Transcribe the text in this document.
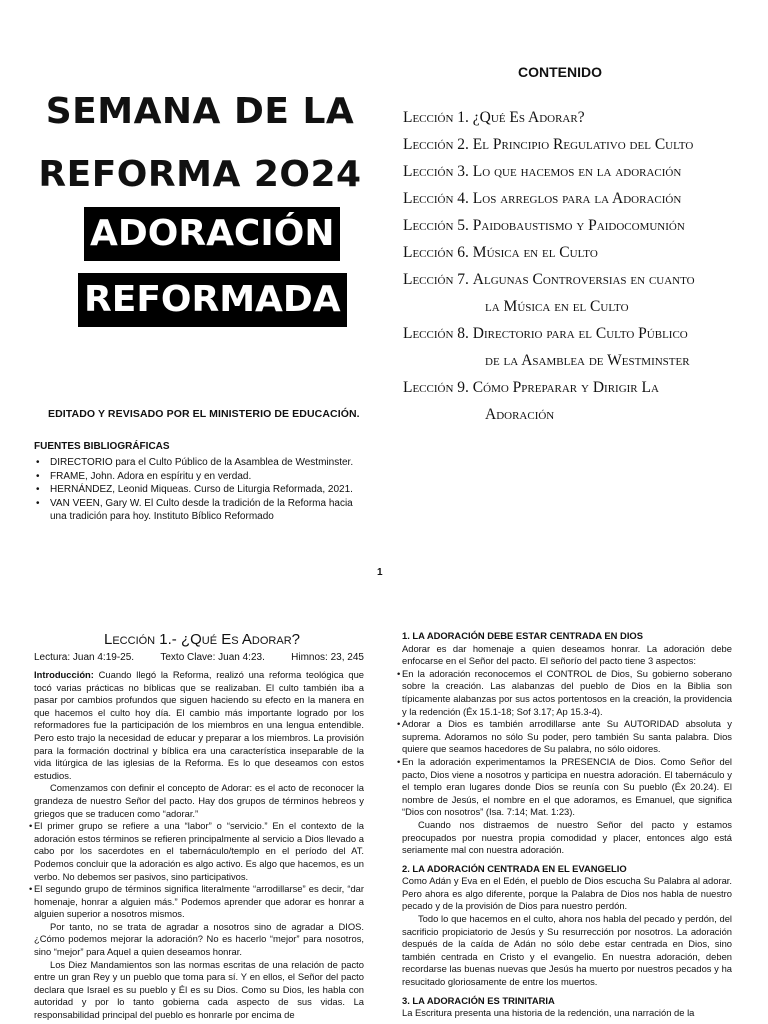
SEMANA DE LA
REFORMA 2O24
ADORACIÓN
REFORMADA
EDITADO Y REVISADO POR EL MINISTERIO DE EDUCACIÓN.
FUENTES BIBLIOGRÁFICAS
• DIRECTORIO para el Culto Público de la Asamblea de Westminster.
• FRAME, John. Adora en espíritu y en verdad.
• HERNÁNDEZ, Leonid Miqueas. Curso de Liturgia Reformada, 2021.
• VAN VEEN, Gary W. El Culto desde la tradición de la Reforma hacia una tradición para hoy. Instituto Bíblico Reformado
CONTENIDO
Lección 1. ¿Qué Es Adorar?
Lección 2. El Principio Regulativo del Culto
Lección 3. Lo que hacemos en la adoración
Lección 4. Los arreglos para la Adoración
Lección 5. Paidobaustismo y Paidocomunión
Lección 6. Música en el Culto
Lección 7. Algunas Controversias en cuanto
la Música en el Culto
Lección 8. Directorio para el Culto Público
de la Asamblea de Westminster
Lección 9. Cómo Ppreparar y Dirigir La
Adoración
1
Lección 1.- ¿Qué Es Adorar?
Lectura: Juan 4:19-25.	Texto Clave: Juan 4:23.	Himnos: 23, 245

Introducción: Cuando llegó la Reforma, realizó una reforma teológica que tocó varias prácticas no bíblicas que se realizaban. El culto también iba a pasar por cambios profundos que siguen haciendo su efecto en la manera en que hacemos el culto hoy día. El cambio más importante logrado por los reformadores fue la participación de los miembros en una lengua entendible. Pero esto trajo la necesidad de educar y preparar a los miembros. La provisión para la formación doctrinal y bíblica era una característica inseparable de la vida litúrgica de las iglesias de la Reforma. Es lo que deseamos con estos estudios.

Comenzamos con definir el concepto de Adorar: es el acto de reconocer la grandeza de nuestro Señor del pacto. Hay dos grupos de términos hebreos y griegos que se traducen como “adorar.”

• El primer grupo se refiere a una “labor” o “servicio.” En el contexto de la adoración estos términos se refieren principalmente al servicio a Dios llevado a cabo por los sacerdotes en el tabernáculo/templo en el período del AT. Podemos concluir que la adoración es algo activo. Es algo que hacemos, es un verbo. No debemos ser pasivos, sino participativos.

• El segundo grupo de términos significa literalmente “arrodillarse” es decir, “dar homenaje, honrar a alguien más.” Podemos aprender que adorar es honrar a alguien superior a nosotros mismos.

Por tanto, no se trata de agradar a nosotros sino de agradar a DIOS. ¿Cómo podemos mejorar la adoración? No es hacerlo “mejor” para nosotros, sino “mejor” para Aquel a quien deseamos honrar.

Los Diez Mandamientos son las normas escritas de una relación de pacto entre un gran Rey y un pueblo que toma para sí. Y en ellos, el Señor del pacto declara que Israel es su pueblo y Él es su Dios. Como su Dios, les habla con autoridad y por lo tanto gobierna cada aspecto de sus vidas. La responsabilidad principal del pueblo es honrarle por encima de

1. LA ADORACIÓN DEBE ESTAR CENTRADA EN DIOS

Adorar es dar homenaje a quien deseamos honrar. La adoración debe enfocarse en el Señor del pacto. El señorío del pacto tiene 3 aspectos:

• En la adoración reconocemos el CONTROL de Dios, Su gobierno soberano sobre la creación. Las alabanzas del pueblo de Dios en la Biblia son típicamente alabanzas por sus actos portentosos en la creación, la providencia y la redención (Éx 15.1-18; Sof 3.17; Ap 15.3-4).

• Adorar a Dios es también arrodillarse ante Su AUTORIDAD absoluta y suprema. Adoramos no sólo Su poder, pero también Su santa palabra. Dios quiere que seamos hacedores de Su palabra, no sólo oidores.

• En la adoración experimentamos la PRESENCIA de Dios. Como Señor del pacto, Dios viene a nosotros y participa en nuestra adoración. El tabernáculo y el templo eran lugares donde Dios se reunía con Su pueblo (Éx 20.24). El nombre de Jesús, el nombre en el que adoramos, es Emanuel, que significa “Dios con nosotros” (Isa. 7:14; Mat. 1:23).

Cuando nos distraemos de nuestro Señor del pacto y estamos preocupados por nuestra propia comodidad y placer, entonces algo está seriamente mal con nuestra adoración.

2. LA ADORACIÓN CENTRADA EN EL EVANGELIO

Como Adán y Eva en el Edén, el pueblo de Dios escucha Su Palabra al adorar. Pero ahora es algo diferente, porque la Palabra de Dios nos habla de nuestro pecado y de la provisión de Dios para nuestro perdón.

Todo lo que hacemos en el culto, ahora nos habla del pecado y perdón, del sacrificio propiciatorio de Jesús y Su resurrección por nosotros. La adoración después de la caída de Adán no sólo debe estar centrada en Dios, sino también centrada en Cristo y el evangelio. En nuestra adoración, deben recordarse las buenas nuevas que Jesús ha muerto por nuestros pecados y ha resucitado gloriosamente de entre los muertos.

3. LA ADORACIÓN ES TRINITARIA

La Escritura presenta una historia de la redención, una narración de la
